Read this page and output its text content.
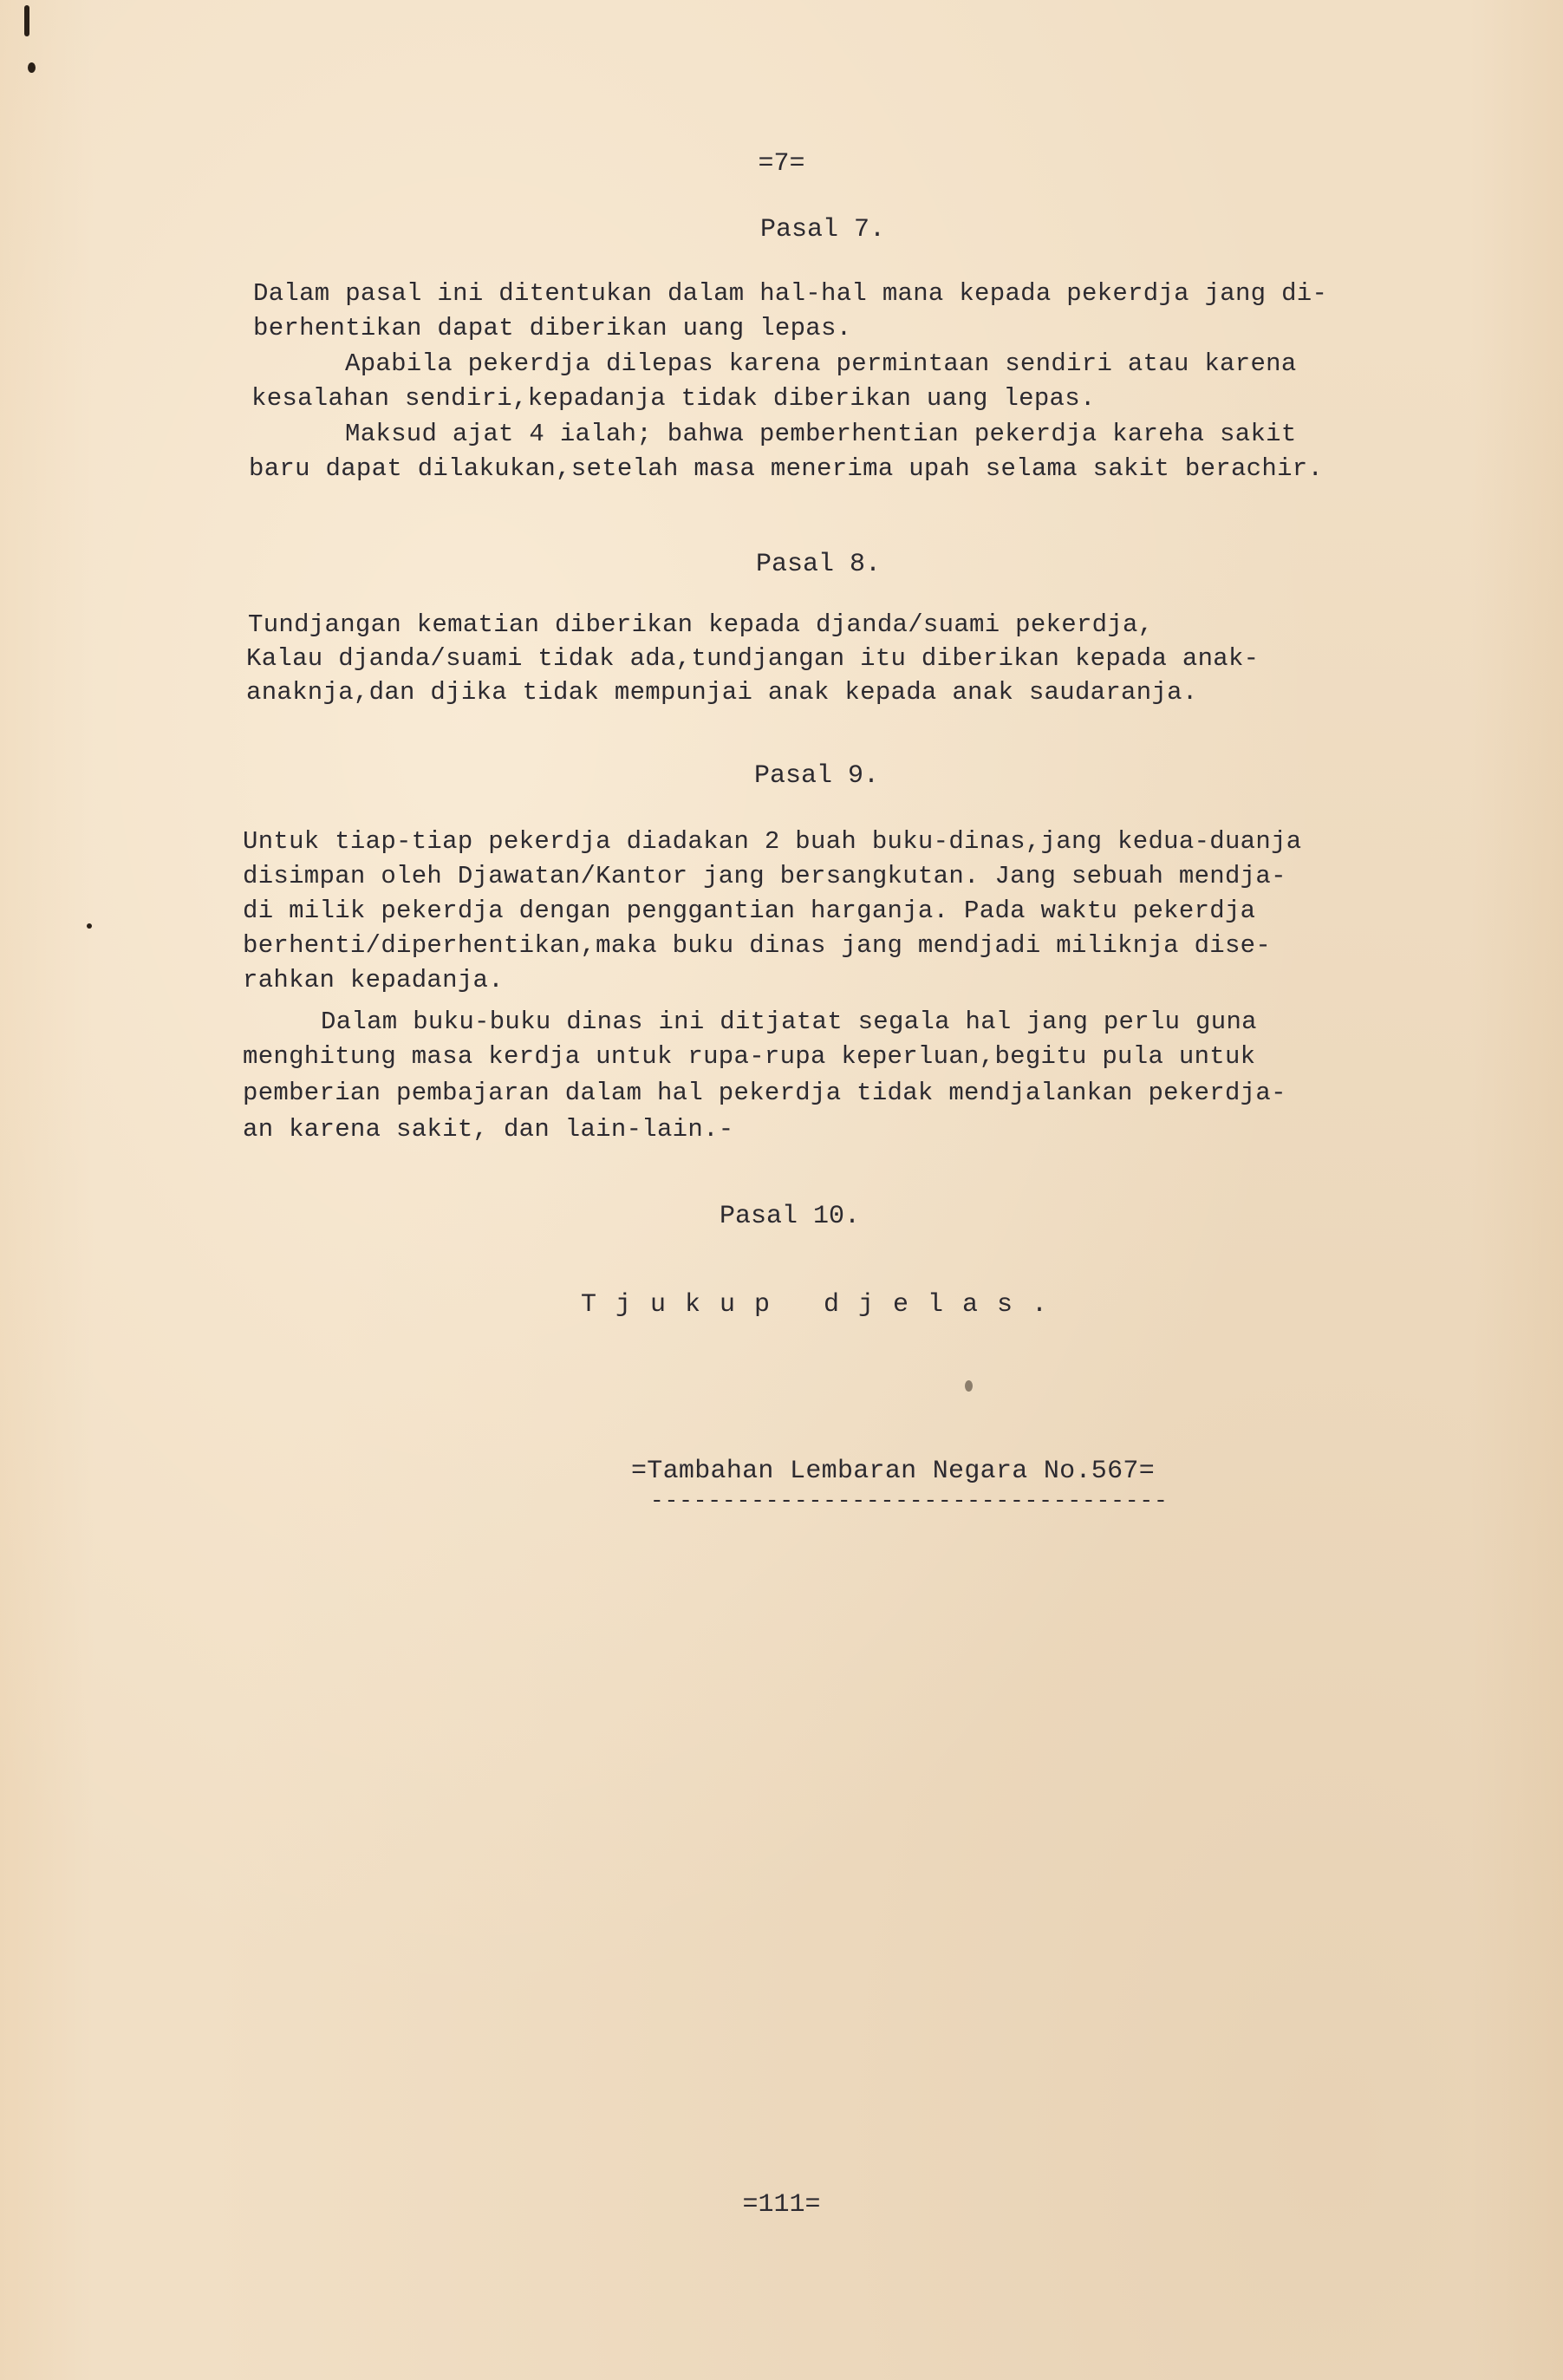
=7=
Pasal 7.
Dalam pasal ini ditentukan dalam hal-hal mana kepada pekerdja jang di-
berhentikan dapat diberikan uang lepas.
Apabila pekerdja dilepas karena permintaan sendiri atau karena
kesalahan sendiri,kepadanja tidak diberikan uang lepas.
Maksud ajat 4 ialah; bahwa pemberhentian pekerdja kareha sakit
baru dapat dilakukan,setelah masa menerima upah selama sakit berachir.
Pasal 8.
Tundjangan kematian diberikan kepada djanda/suami pekerdja,
Kalau djanda/suami tidak ada,tundjangan itu diberikan kepada anak-
anaknja,dan djika tidak mempunjai anak kepada anak saudaranja.
Pasal 9.
Untuk tiap-tiap pekerdja diadakan 2 buah buku-dinas,jang kedua-duanja
disimpan oleh Djawatan/Kantor jang bersangkutan. Jang sebuah mendja-
di milik pekerdja dengan penggantian harganja. Pada waktu pekerdja
berhenti/diperhentikan,maka buku dinas jang mendjadi miliknja dise-
rahkan kepadanja.
Dalam buku-buku dinas ini ditjatat segala hal jang perlu guna
menghitung masa kerdja untuk rupa-rupa keperluan,begitu pula untuk
pemberian pembajaran dalam hal pekerdja tidak mendjalankan pekerdja-
an karena sakit, dan lain-lain.-
Pasal 10.
Tjukup djelas.
=Tambahan Lembaran Negara No.567=
------------------------------------
=111=
